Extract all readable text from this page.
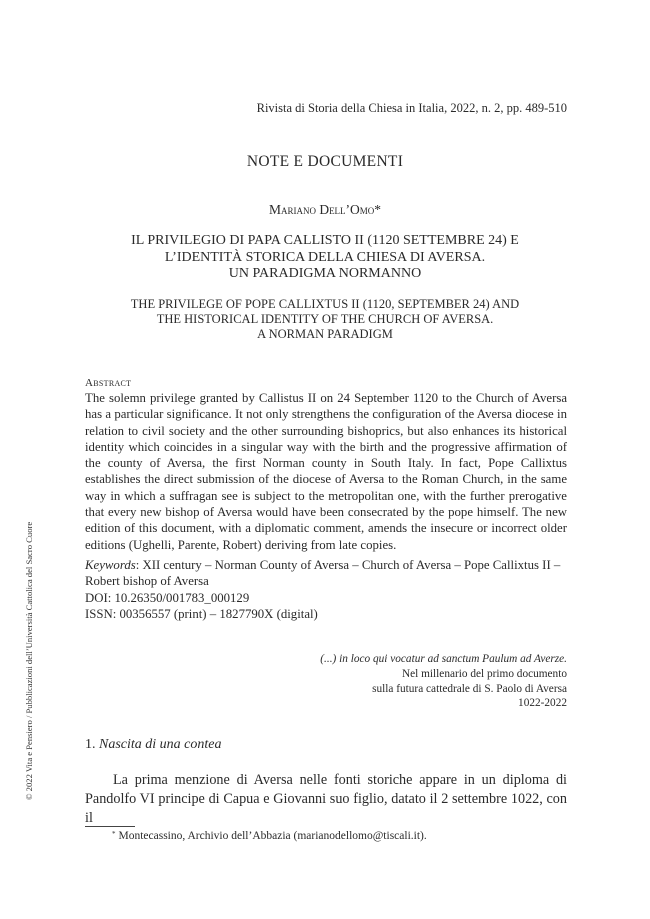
Rivista di Storia della Chiesa in Italia, 2022, n. 2, pp. 489-510
NOTE E DOCUMENTI
Mariano Dell’Omo*
IL PRIVILEGIO DI PAPA CALLISTO II (1120 SETTEMBRE 24) E
L’IDENTITÀ STORICA DELLA CHIESA DI AVERSA.
UN PARADIGMA NORMANNO
THE PRIVILEGE OF POPE CALLIXTUS II (1120, SEPTEMBER 24) AND
THE HISTORICAL IDENTITY OF THE CHURCH OF AVERSA.
A NORMAN PARADIGM
Abstract
The solemn privilege granted by Callistus II on 24 September 1120 to the Church of Aversa has a particular significance. It not only strengthens the configuration of the Aversa diocese in relation to civil society and the other surrounding bishoprics, but also enhances its historical identity which coincides in a singular way with the birth and the progressive affirmation of the county of Aversa, the first Norman county in South Italy. In fact, Pope Callixtus establishes the direct submission of the diocese of Aversa to the Roman Church, in the same way in which a suffragan see is subject to the metropolitan one, with the further prerogative that every new bishop of Aversa would have been consecrated by the pope himself. The new edition of this document, with a diplomatic comment, amends the insecure or incorrect older editions (Ughelli, Parente, Robert) deriving from late copies.
Keywords: XII century – Norman County of Aversa – Church of Aversa – Pope Callixtus II – Robert bishop of Aversa
DOI: 10.26350/001783_000129
ISSN: 00356557 (print) – 1827790X (digital)
(...) in loco qui vocatur ad sanctum Paulum ad Averze.
Nel millenario del primo documento
sulla futura cattedrale di S. Paolo di Aversa
1022-2022
1. Nascita di una contea
La prima menzione di Aversa nelle fonti storiche appare in un diploma di Pandolfo VI principe di Capua e Giovanni suo figlio, datato il 2 settembre 1022, con il
* Montecassino, Archivio dell’Abbazia (marianodellomo@tiscali.it).
© 2022 Vita e Pensiero / Pubblicazioni dell’Università Cattolica del Sacro Cuore
